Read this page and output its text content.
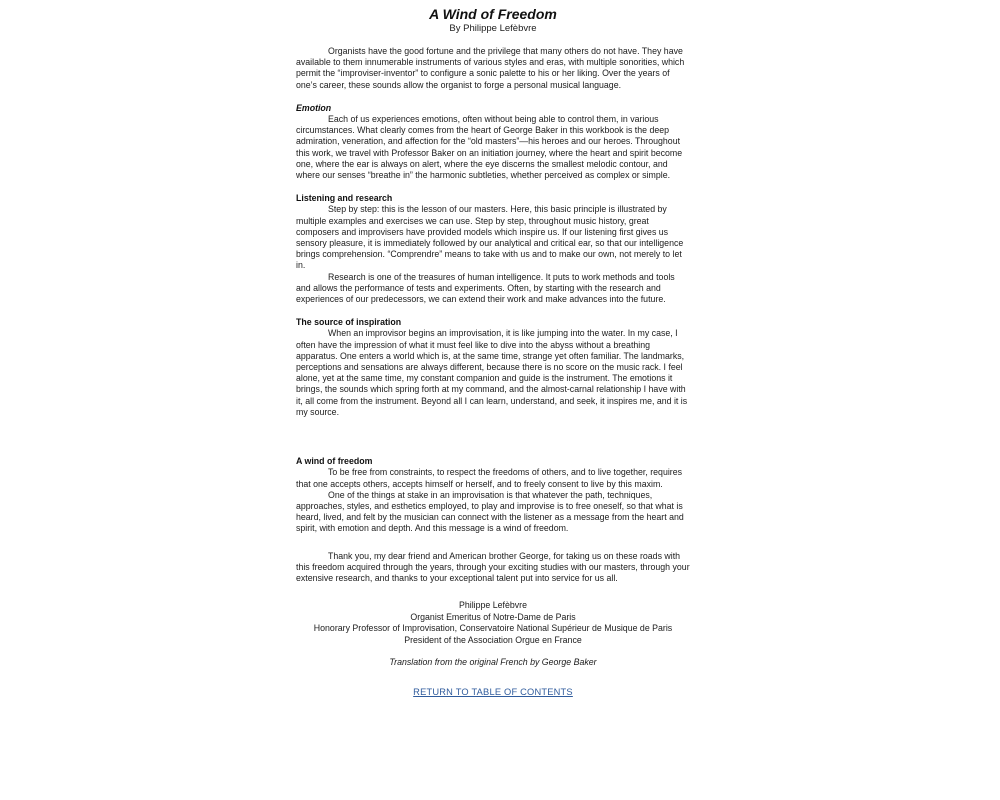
A Wind of Freedom
By Philippe Lefèbvre

Organists have the good fortune and the privilege that many others do not have. They have available to them innumerable instruments of various styles and eras, with multiple sonorities, which permit the “improviser-inventor” to configure a sonic palette to his or her liking. Over the years of one’s career, these sounds allow the organist to forge a personal musical language.

Emotion

Each of us experiences emotions, often without being able to control them, in various circumstances. What clearly comes from the heart of George Baker in this workbook is the deep admiration, veneration, and affection for the “old masters”—his heroes and our heroes. Throughout this work, we travel with Professor Baker on an initiation journey, where the heart and spirit become one, where the ear is always on alert, where the eye discerns the smallest melodic contour, and where our senses “breathe in” the harmonic subtleties, whether perceived as complex or simple.

Listening and research

Step by step: this is the lesson of our masters. Here, this basic principle is illustrated by multiple examples and exercises we can use. Step by step, throughout music history, great composers and improvisers have provided models which inspire us. If our listening first gives us sensory pleasure, it is immediately followed by our analytical and critical ear, so that our intelligence brings comprehension. “Comprendre” means to take with us and to make our own, not merely to let in.

Research is one of the treasures of human intelligence. It puts to work methods and tools and allows the performance of tests and experiments. Often, by starting with the research and experiences of our predecessors, we can extend their work and make advances into the future.

The source of inspiration

When an improvisor begins an improvisation, it is like jumping into the water. In my case, I often have the impression of what it must feel like to dive into the abyss without a breathing apparatus. One enters a world which is, at the same time, strange yet often familiar. The landmarks, perceptions and sensations are always different, because there is no score on the music rack. I feel alone, yet at the same time, my constant companion and guide is the instrument. The emotions it brings, the sounds which spring forth at my command, and the almost-carnal relationship I have with it, all come from the instrument. Beyond all I can learn, understand, and seek, it inspires me, and it is my source.

A wind of freedom

To be free from constraints, to respect the freedoms of others, and to live together, requires that one accepts others, accepts himself or herself, and to freely consent to live by this maxim.

One of the things at stake in an improvisation is that whatever the path, techniques, approaches, styles, and esthetics employed, to play and improvise is to free oneself, so that what is heard, lived, and felt by the musician can connect with the listener as a message from the heart and spirit, with emotion and depth. And this message is a wind of freedom.

Thank you, my dear friend and American brother George, for taking us on these roads with this freedom acquired through the years, through your exciting studies with our masters, through your extensive research, and thanks to your exceptional talent put into service for us all.

Philippe Lefèbvre
Organist Emeritus of Notre-Dame de Paris
Honorary Professor of Improvisation, Conservatoire National Supérieur de Musique de Paris
President of the Association Orgue en France
Translation from the original French by George Baker
RETURN TO TABLE OF CONTENTS
